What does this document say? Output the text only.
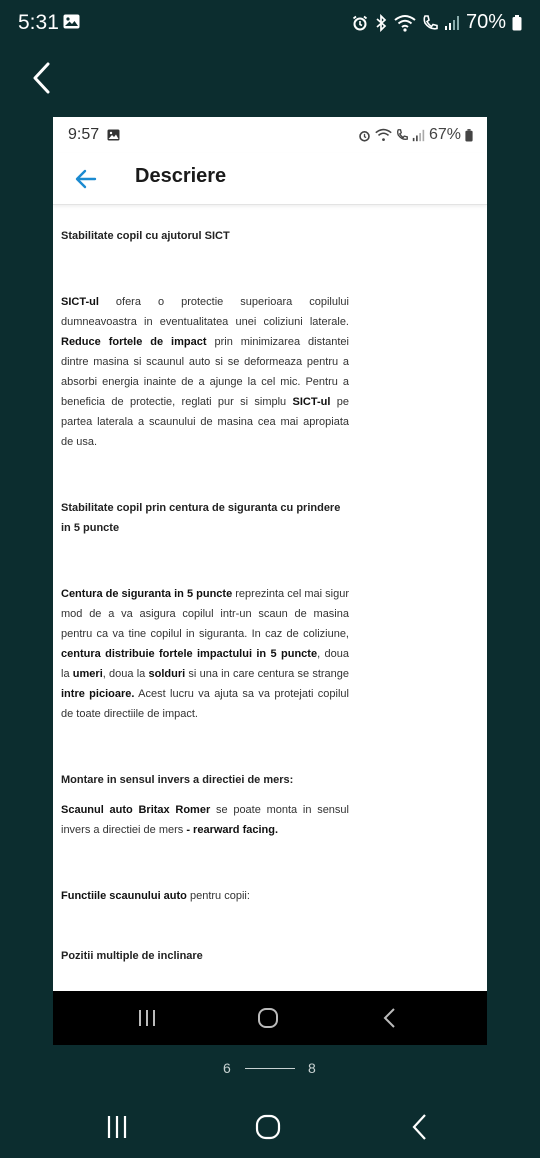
5:31	70%
9:57	67%
Descriere
Stabilitate copil cu ajutorul SICT

SICT-ul ofera o protectie superioara copilului dumneavoastra in eventualitatea unei coliziuni laterale. Reduce fortele de impact prin minimizarea distantei dintre masina si scaunul auto si se deformeaza pentru a absorbi energia inainte de a ajunge la cel mic. Pentru a beneficia de protectie, reglati pur si simplu SICT-ul pe partea laterala a scaunului de masina cea mai apropiata de usa.

Stabilitate copil prin centura de siguranta cu prindere in 5 puncte

Centura de siguranta in 5 puncte reprezinta cel mai sigur mod de a va asigura copilul intr-un scaun de masina pentru ca va tine copilul in siguranta. In caz de coliziune, centura distribuie fortele impactului in 5 puncte, doua la umeri, doua la solduri si una in care centura se strange intre picioare. Acest lucru va ajuta sa va protejati copilul de toate directiile de impact.

Montare in sensul invers a directiei de mers:

Scaunul auto Britax Romer se poate monta in sensul invers a directiei de mers - rearward facing.

Functiile scaunului auto pentru copii:

Pozitii multiple de inclinare
6	8
